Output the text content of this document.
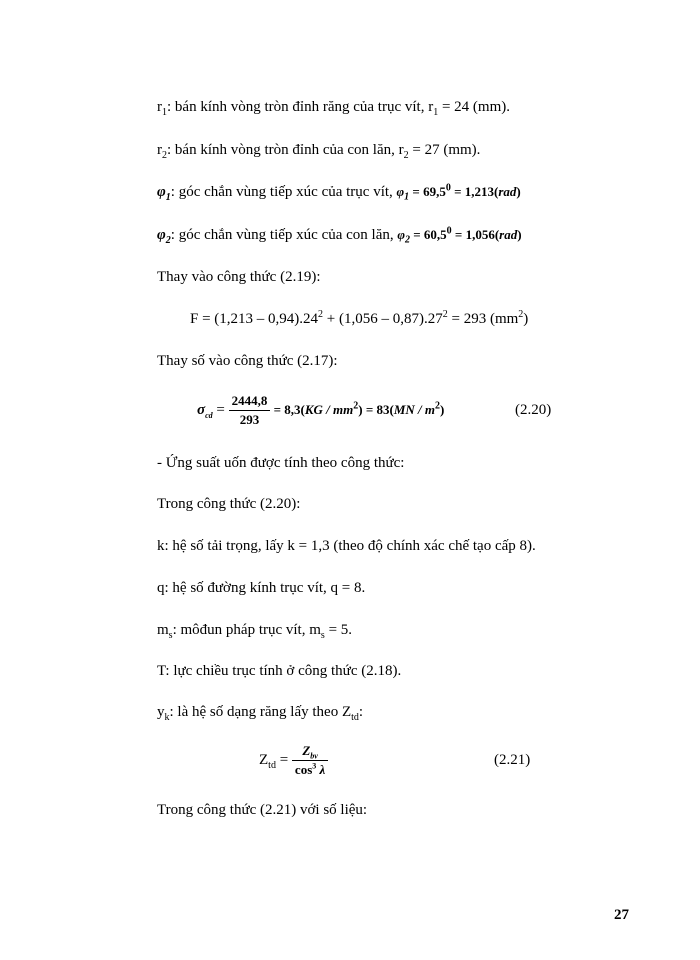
$r_1$: bán kính vòng tròn đỉnh răng của trục vít, $r_1 = 24$ (mm).
$r_2$: bán kính vòng tròn đỉnh của con lăn, $r_2 = 27$ (mm).
$\varphi_1$: góc chắn vùng tiếp xúc của trục vít, $\varphi_1 = 69,5^0 = 1,213(rad)$
$\varphi_2$: góc chắn vùng tiếp xúc của con lăn, $\varphi_2 = 60,5^0 = 1,056(rad)$
Thay vào công thức (2.19):
$F = (1,213 - 0,94).24^2 + (1,056 - 0,87).27^2 = 293$ $(mm^2)$
Thay số vào công thức (2.17):
$\sigma_{cd} = \frac{2444,8}{293} = 8,3(KG / mm^2) = 83(MN / m^2)$	(2.20)
- Ứng suất uốn được tính theo công thức:
Trong công thức (2.20):
k: hệ số tải trọng, lấy k = 1,3 (theo độ chính xác chế tạo cấp 8).
q: hệ số đường kính trục vít, q = 8.
$m_s$: môđun pháp trục vít, $m_s = 5$.
T: lực chiều trục tính ở công thức (2.18).
$y_k$: là hệ số dạng răng lấy theo $Z_{td}$:
$Z_{td} = \frac{Z_{bv}}{\cos^3 \lambda}$	(2.21)
Trong công thức (2.21) với số liệu:
27
